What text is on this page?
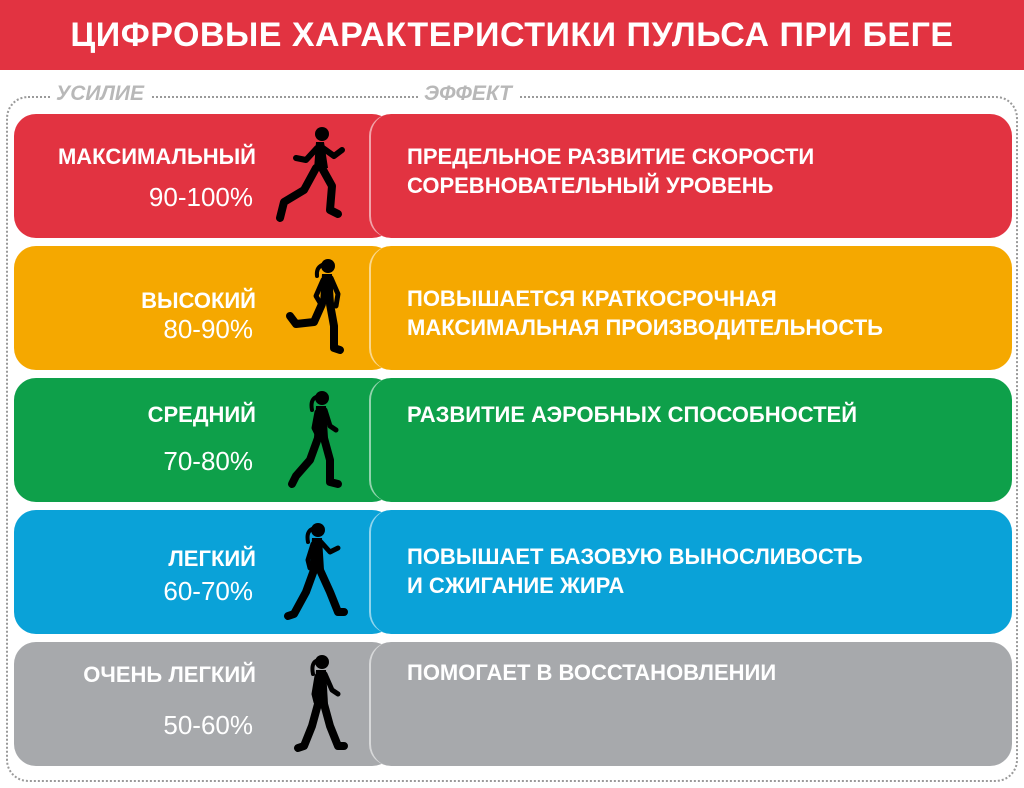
ЦИФРОВЫЕ ХАРАКТЕРИСТИКИ ПУЛЬСА ПРИ БЕГЕ
УСИЛИЕ	ЭФФЕКТ
МАКСИМАЛЬНЫЙ
90-100%
ПРЕДЕЛЬНОЕ РАЗВИТИЕ СКОРОСТИ
СОРЕВНОВАТЕЛЬНЫЙ УРОВЕНЬ
ВЫСОКИЙ
80-90%
ПОВЫШАЕТСЯ КРАТКОСРОЧНАЯ
МАКСИМАЛЬНАЯ ПРОИЗВОДИТЕЛЬНОСТЬ
СРЕДНИЙ
70-80%
РАЗВИТИЕ АЭРОБНЫХ СПОСОБНОСТЕЙ
ЛЕГКИЙ
60-70%
ПОВЫШАЕТ БАЗОВУЮ ВЫНОСЛИВОСТЬ
И СЖИГАНИЕ ЖИРА
ОЧЕНЬ ЛЕГКИЙ
50-60%
ПОМОГАЕТ В ВОССТАНОВЛЕНИИ
